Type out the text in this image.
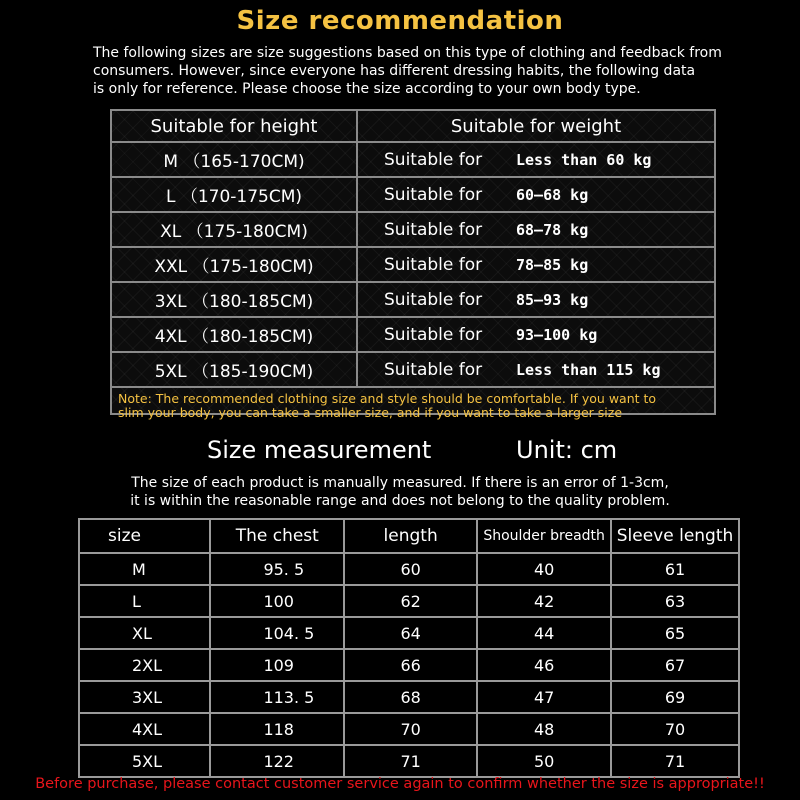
Size recommendation
The following sizes are size suggestions based on this type of clothing and feedback from
consumers. However, since everyone has different dressing habits, the following data
is only for reference. Please choose the size according to your own body type.
Suitable for height	Suitable for weight
M （165-170CM)	Suitable for Less than 60 kg
L （170-175CM)	Suitable for 60—68 kg
XL （175-180CM)	Suitable for 68—78 kg
XXL （175-180CM)	Suitable for 78—85 kg
3XL （180-185CM)	Suitable for 85—93 kg
4XL （180-185CM)	Suitable for 93—100 kg
5XL （185-190CM)	Suitable for Less than 115 kg
Note: The recommended clothing size and style should be comfortable. If you want to
slim your body, you can take a smaller size, and if you want to take a larger size
Size measurement	Unit: cm
The size of each product is manually measured. If there is an error of 1-3cm,
it is within the reasonable range and does not belong to the quality problem.
size	The chest	length	Shoulder breadth	Sleeve length
M	95. 5	60	40	61
L	100	62	42	63
XL	104. 5	64	44	65
2XL	109	66	46	67
3XL	113. 5	68	47	69
4XL	118	70	48	70
5XL	122	71	50	71
Before purchase, please contact customer service again to confirm whether the size is appropriate!!
